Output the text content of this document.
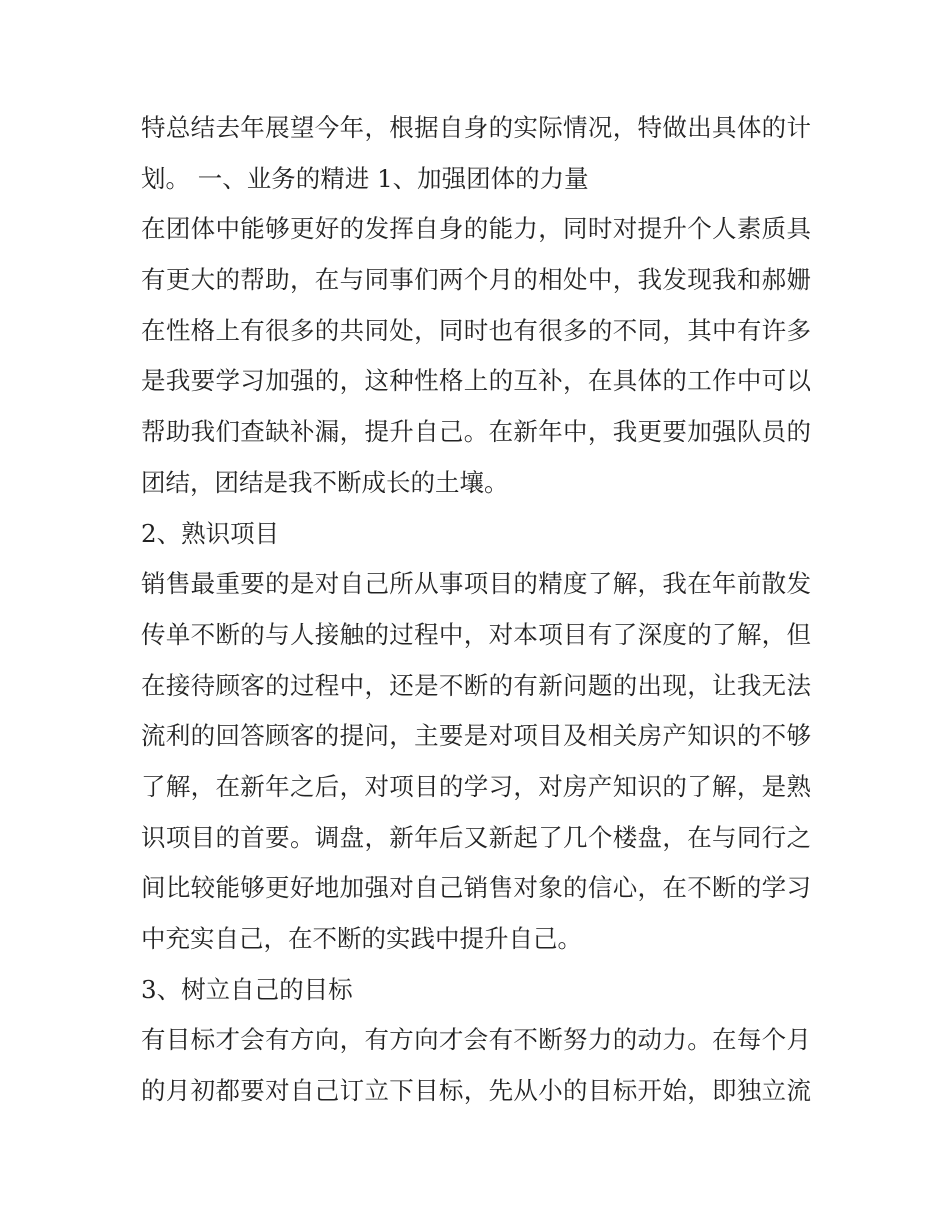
特总结去年展望今年，根据自身的实际情况，特做出具体的计
划。 一、业务的精进 1、加强团体的力量
在团体中能够更好的发挥自身的能力，同时对提升个人素质具
有更大的帮助，在与同事们两个月的相处中，我发现我和郝姗
在性格上有很多的共同处，同时也有很多的不同，其中有许多
是我要学习加强的，这种性格上的互补，在具体的工作中可以
帮助我们查缺补漏，提升自己。在新年中，我更要加强队员的
团结，团结是我不断成长的土壤。
2、熟识项目
销售最重要的是对自己所从事项目的精度了解，我在年前散发
传单不断的与人接触的过程中，对本项目有了深度的了解，但
在接待顾客的过程中，还是不断的有新问题的出现，让我无法
流利的回答顾客的提问，主要是对项目及相关房产知识的不够
了解，在新年之后，对项目的学习，对房产知识的了解，是熟
识项目的首要。调盘，新年后又新起了几个楼盘，在与同行之
间比较能够更好地加强对自己销售对象的信心，在不断的学习
中充实自己，在不断的实践中提升自己。
3、树立自己的目标
有目标才会有方向，有方向才会有不断努力的动力。在每个月
的月初都要对自己订立下目标，先从小的目标开始，即独立流
